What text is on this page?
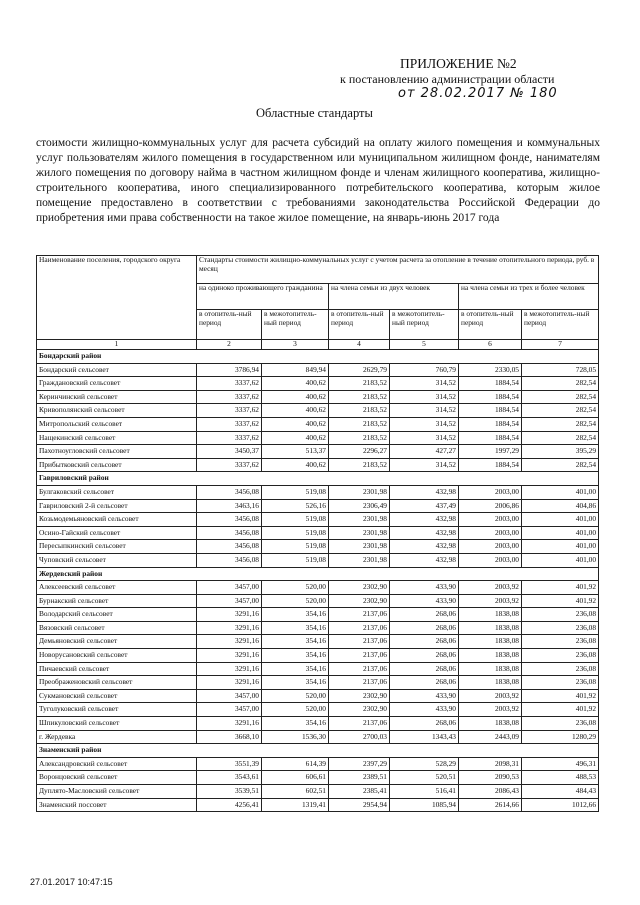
ПРИЛОЖЕНИЕ №2
к постановлению администрации области
от 28.02.2017 № 180
Областные стандарты
стоимости жилищно-коммунальных услуг для расчета субсидий на оплату жилого помещения и коммунальных услуг пользователям жилого помещения в государственном или муниципальном жилищном фонде, нанимателям жилого помещения по договору найма в частном жилищном фонде и членам жилищного кооператива, жилищно-строительного кооператива, иного специализированного потребительского кооператива, которым жилое помещение предоставлено в соответствии с требованиями законодательства Российской Федерации до приобретения ими права собственности на такое жилое помещение, на январь-июнь 2017 года
Наименование поселения, городского округа	Стандарты стоимости жилищно-коммунальных услуг с учетом расчета за отопление в течение отопительного периода, руб. в месяц					
	на одиноко проживающего гражданина		на члена семьи из двух человек		на члена семьи из трех и более человек	
	в отопитель-ный период	в межотопитель-ный период	в отопитель-ный период	в межотопитель-ный период	в отопитель-ный период	в межотопитель-ный период
1	2	3	4	5	6	7
Бондарский район						
Бондарский сельсовет	3786,94	849,94	2629,79	760,79	2330,05	728,05
Граждановский сельсовет	3337,62	400,62	2183,52	314,52	1884,54	282,54
Керинчинский сельсовет	3337,62	400,62	2183,52	314,52	1884,54	282,54
Кривополянский сельсовет	3337,62	400,62	2183,52	314,52	1884,54	282,54
Митропольский сельсовет	3337,62	400,62	2183,52	314,52	1884,54	282,54
Нащекинский сельсовет	3337,62	400,62	2183,52	314,52	1884,54	282,54
Пахотноугловский сельсовет	3450,37	513,37	2296,27	427,27	1997,29	395,29
Прибытковский сельсовет	3337,62	400,62	2183,52	314,52	1884,54	282,54
Гавриловский район						
Булгаковский сельсовет	3456,08	519,08	2301,98	432,98	2003,00	401,00
Гавриловский 2-й сельсовет	3463,16	526,16	2306,49	437,49	2006,86	404,86
Козьмодемьяновский сельсовет	3456,08	519,08	2301,98	432,98	2003,00	401,00
Осино-Гайский сельсовет	3456,08	519,08	2301,98	432,98	2003,00	401,00
Пересыпкинский сельсовет	3456,08	519,08	2301,98	432,98	2003,00	401,00
Чуповский сельсовет	3456,08	519,08	2301,98	432,98	2003,00	401,00
Жердевский район						
Алексеевский сельсовет	3457,00	520,00	2302,90	433,90	2003,92	401,92
Бурнакский сельсовет	3457,00	520,00	2302,90	433,90	2003,92	401,92
Володарский сельсовет	3291,16	354,16	2137,06	268,06	1838,08	236,08
Вязовский сельсовет	3291,16	354,16	2137,06	268,06	1838,08	236,08
Демьяновский сельсовет	3291,16	354,16	2137,06	268,06	1838,08	236,08
Новорусановский сельсовет	3291,16	354,16	2137,06	268,06	1838,08	236,08
Пичаевский сельсовет	3291,16	354,16	2137,06	268,06	1838,08	236,08
Преображеновский сельсовет	3291,16	354,16	2137,06	268,06	1838,08	236,08
Сукмановский сельсовет	3457,00	520,00	2302,90	433,90	2003,92	401,92
Туголуковский сельсовет	3457,00	520,00	2302,90	433,90	2003,92	401,92
Шпикуловский сельсовет	3291,16	354,16	2137,06	268,06	1838,08	236,08
г. Жердевка	3668,10	1536,30	2700,03	1343,43	2443,09	1280,29
Знаменский район						
Александровский сельсовет	3551,39	614,39	2397,29	528,29	2098,31	496,31
Воронцовский сельсовет	3543,61	606,61	2389,51	520,51	2090,53	488,53
Дуплято-Масловский сельсовет	3539,51	602,51	2385,41	516,41	2086,43	484,43
Знаменский поссовет	4256,41	1319,41	2954,94	1085,94	2614,66	1012,66
27.01.2017 10:47:15
